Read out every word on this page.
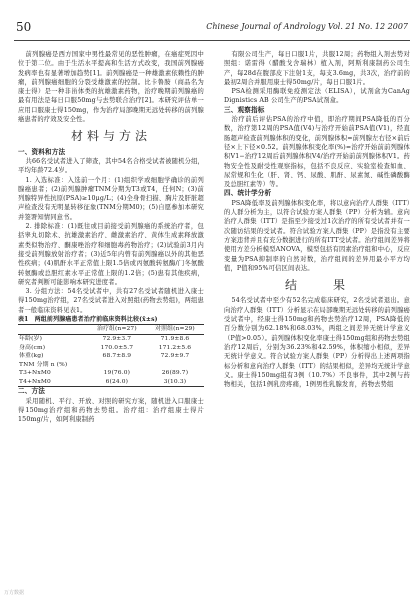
50	Chinese Journal of Andrology Vol. 21 No. 12 2007

前列腺癌是西方国家中男性最常见的恶性肿瘤，在癌症死因中位于第二位。由于生活水平提高和生活方式改变，我国前列腺癌发病率也有显著增加趋势[1]。前列腺癌是一种雄激素依赖性的肿瘤，前列腺癌细胞的分裂受雄激素的控制。比卡鲁胺（商品名为康士得）是一种非甾体类的抗雄激素药物，治疗晚期前列腺癌的最有用法是每日口服50mg与去势联合治疗[2]。本研究评估单一应用口服康士得150mg，作为治疗局部晚期无远处转移的前列腺癌患者的疗效及安全性。

材料与方法

一、资料和方法

共66名受试者进入了筛查，其中54名合格受试者被随机分组，平均年龄72.4岁。

1. 入选标准：入选前一个月：(1)组织学或细胞学确诊的前列腺癌患者；(2)前列腺肿瘤TNM分期为T3或T4，任何N；(3)前列腺特异性抗原(PSA)≥10μg/L；(4)全身骨扫描、胸片及肝脏超声检查没有无明显转移征象(TNM分期M0)；(5)自愿参加本研究并签署知情同意书。

2. 排除标准：(1)既往或目前接受前列腺癌的系统治疗者，包括睾丸切除术、抗雄激素治疗、雌激素治疗、黄体生成素释放激素类似物治疗、酮康唑治疗和细胞毒药物治疗；(2)试验前3月内接受前列腺放射治疗者；(3)近5年内曾有前列腺癌以外的其他恶性疾病；(4)肌酐水平正常值上限1.5倍或丙氨酸转氨酶/门冬氨酸转氨酶或总胆红素水平正常值上限的1.2倍；(5)患有其他疾病，研究者判断可能影响本研究进度者。

3. 分组方法：54名受试者中，共有27名受试者随机进入康士得150mg治疗组，27名受试者进入对照组(药物去势组)，两组患者一般临床资料见表1。

表1　两组前列腺癌患者治疗前临床资料比较(x̄±s)

	治疗组(n=27)	对照组(n=29)
年龄(岁)	72.9±3.7	71.9±8.6
身高(cm)	170.0±5.7	171.2±5.6
体重(kg)	68.7±8.9	72.9±9.7
TNM 分期 n (%)		
T3+NxM0	19(76.0)	26(89.7)
T4+NxM0	6(24.0)	3(10.3)

二、方法

采用随机、平行、开放、对照的研究方案，随机进入口服康士得150mg治疗组和药物去势组。治疗组：治疗组康士得片150mg/片，如阿利康制药

有限公司生产，每日口服1片，共服12周；药物组入剂去势对照组：诺雷得（醋酸戈舍瑞林）植入剂，阿斯利康制药公司生产，每28d在腹部皮下注射1支，每支3.6mg，共3次，治疗前的最初2周合并服用康士得50mg/片，每日口服1片。

PSA检测采用酶联免疫测定法（ELISA），试剂盒为CanAg Dignistics AB 公司生产的PSA试剂盒。

三、观察指标

治疗前后评估PSA的治疗中值，即治疗期间PSA降低的百分数，治疗第12周的PSA值(V4)与治疗开始前PSA值(V1)，经直肠超声检查前列腺体积的变化，前列腺体积=前列腺左右径×前后径×上下径×0.52。前列腺体积变化率(%)=治疗开始前前列腺体积V1−治疗12周后前列腺体积V4/治疗开始前前列腺体积V1。药物安全性及耐受性观察指标，包括不良反应、实验室检查如血、尿常规和生化（肝、肾、钙、尿酸、肌酐、尿素氮、碱性磷酸酶及总胆红素等）等。

四、统计学分析

PSA降低率及前列腺体积变化率，将以意向治疗人群集（ITT）的人群分析为主，以符合试验方案人群集（PP）分析为辅。意向治疗人群集（ITT）是指至少接受过1次治疗的所有受试者并有一次随访结果的受试者。符合试验方案人群集（PP）是指没有主要方案违背并且有充分数据进行的所有ITT受试者。治疗组间差异将使用方差分析模型ANOVA，模型包括有因素治疗组和中心，反应变量为PSA抑制率的自然对数，治疗组间的差异用最小平方均值，P值和95%可信区间表达。

结　　果

54名受试者中至少有52名完成临床研究，2名受试者退出。意向治疗人群集（ITT）分析显示在局部晚期无远处转移的前列腺癌受试者中，经康士得150mg和药物去势治疗12周，PSA降低的百分数分别为62.18%和68.03%，两组之间差异无统计学意义（P值>0.05）。前列腺体积变化率康士得150mg组和药物去势组治疗12周后，分别为36.23%和42.59%，体积缩小相似，差异无统计学意义。符合试验方案人群集（PP）分析得出上述两项指标分析和意向治疗人群集（ITT）的结果相似，差异均无统计学意义。康士得150mg组有3例（10.7%）不良事件，其中2例与药物相关，包括1例乳房疼痛，1例男性乳腺发育，药物去势组

万方数据
